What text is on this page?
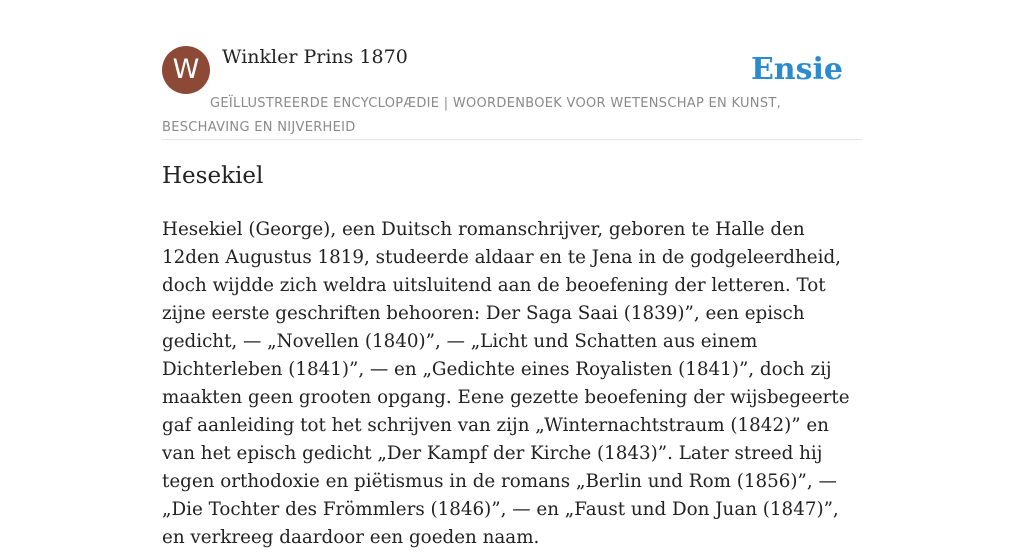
W	Winkler Prins 1870	Ensie
GEÏLLUSTREERDE ENCYCLOPÆDIE | WOORDENBOEK VOOR WETENSCHAP EN KUNST, BESCHAVING EN NIJVERHEID
Hesekiel

Hesekiel (George), een Duitsch romanschrijver, geboren te Halle den 12den Augustus 1819, studeerde aldaar en te Jena in de godgeleerdheid, doch wijdde zich weldra uitsluitend aan de beoefening der letteren. Tot zijne eerste geschriften behooren: Der Saga Saai (1839)”, een episch gedicht, — „Novellen (1840)”, — „Licht und Schatten aus einem Dichterleben (1841)”, — en „Gedichte eines Royalisten (1841)”, doch zij maakten geen grooten opgang. Eene gezette beoefening der wijsbegeerte gaf aanleiding tot het schrijven van zijn „Winternachtstraum (1842)” en van het episch gedicht „Der Kampf der Kirche (1843)”. Later streed hij tegen orthodoxie en piëtismus in de romans „Berlin und Rom (1856)”, — „Die Tochter des Frömmlers (1846)”, — en „Faust und Don Juan (1847)”, en verkreeg daardoor een goeden naam.
